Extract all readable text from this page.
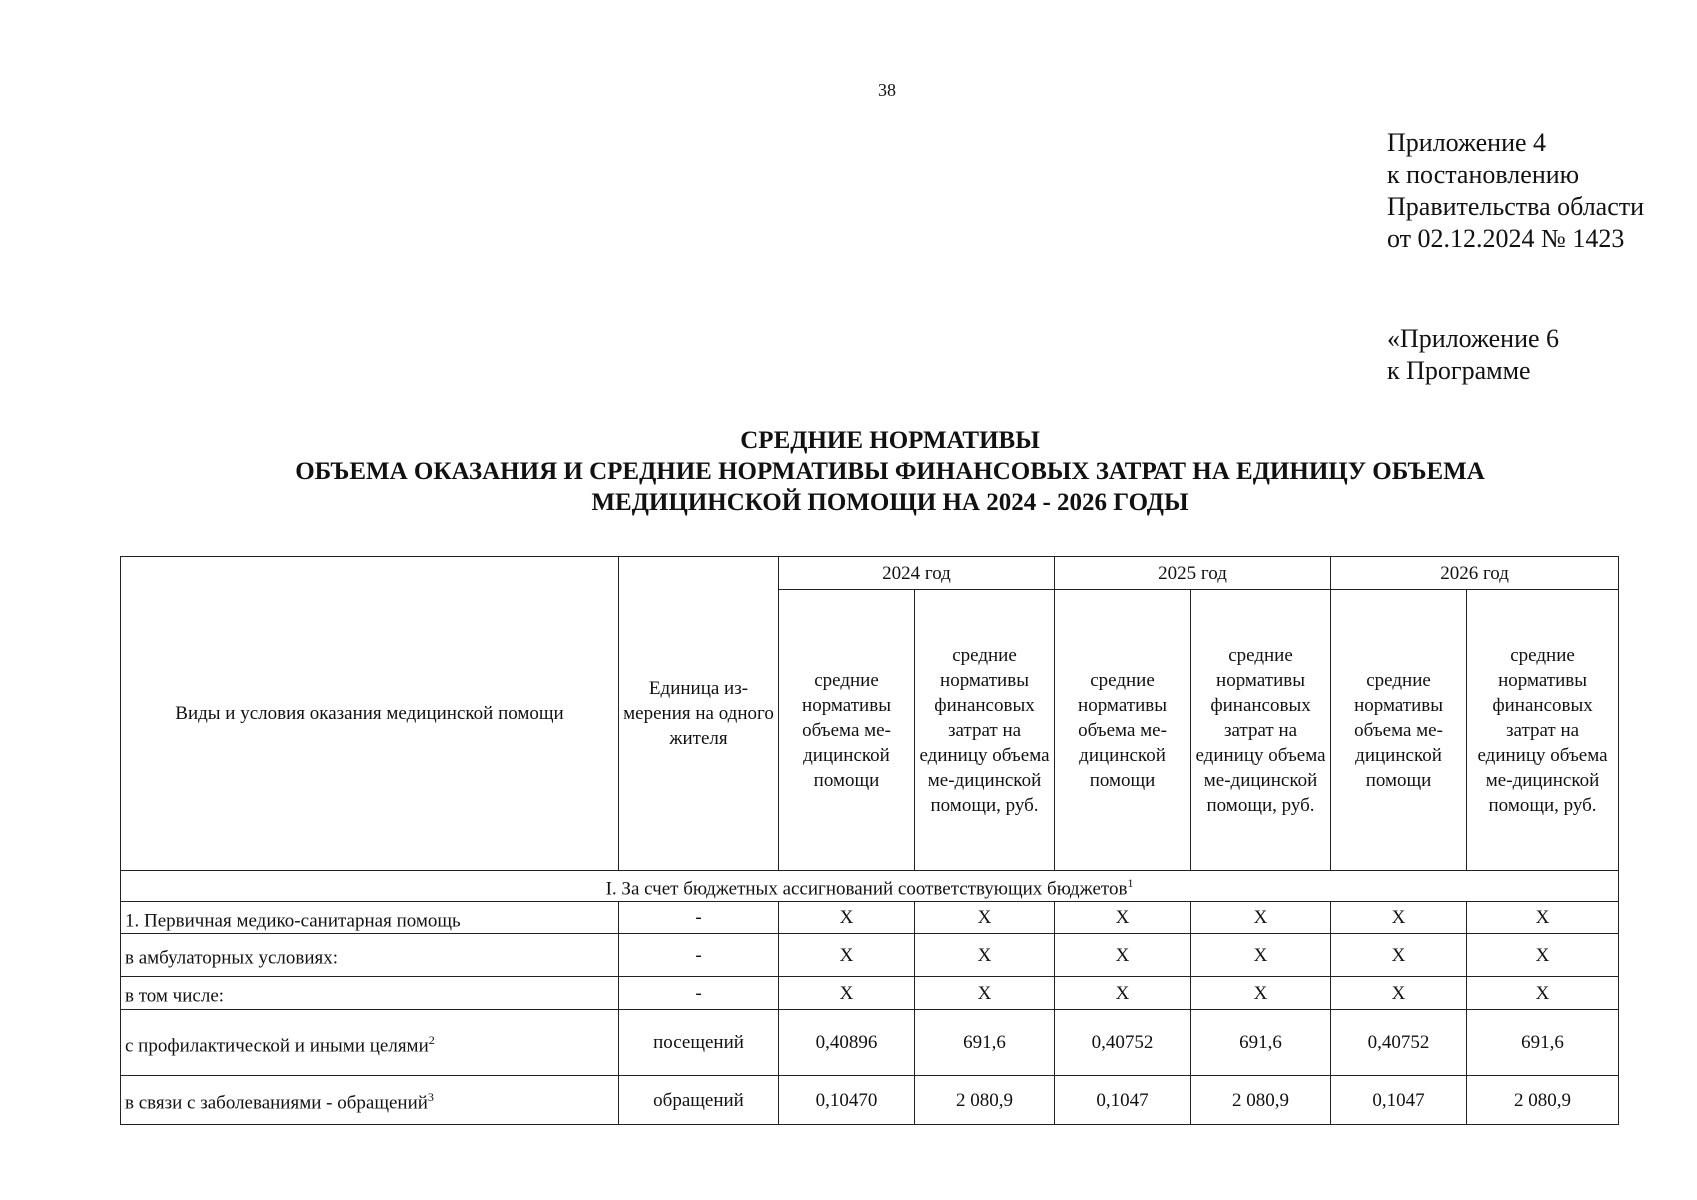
38
Приложение 4
к постановлению
Правительства области
от 02.12.2024 № 1423
«Приложение 6
к Программе
СРЕДНИЕ НОРМАТИВЫ
ОБЪЕМА ОКАЗАНИЯ И СРЕДНИЕ НОРМАТИВЫ ФИНАНСОВЫХ ЗАТРАТ НА ЕДИНИЦУ ОБЪЕМА
МЕДИЦИНСКОЙ ПОМОЩИ НА 2024 - 2026 ГОДЫ
Виды и условия оказания медицинской помощи	Единица из-мерения на одного жителя	2024 год		2025 год		2026 год	
		средние нормативы объема ме-дицинской помощи	средние нормативы финансовых затрат на единицу объема ме-дицинской помощи, руб.	средние нормативы объема ме-дицинской помощи	средние нормативы финансовых затрат на единицу объема ме-дицинской помощи, руб.	средние нормативы объема ме-дицинской помощи	средние нормативы финансовых затрат на единицу объема ме-дицинской помощи, руб.
I. За счет бюджетных ассигнований соответствующих бюджетов$^1$
1. Первичная медико-санитарная помощь	-	X	X	X	X	X	X
в амбулаторных условиях:	-	X	X	X	X	X	X
в том числе:	-	X	X	X	X	X	X
с профилактической и иными целями$^2$	посещений	0,40896	691,6	0,40752	691,6	0,40752	691,6
в связи с заболеваниями - обращений$^3$	обращений	0,10470	2 080,9	0,1047	2 080,9	0,1047	2 080,9
